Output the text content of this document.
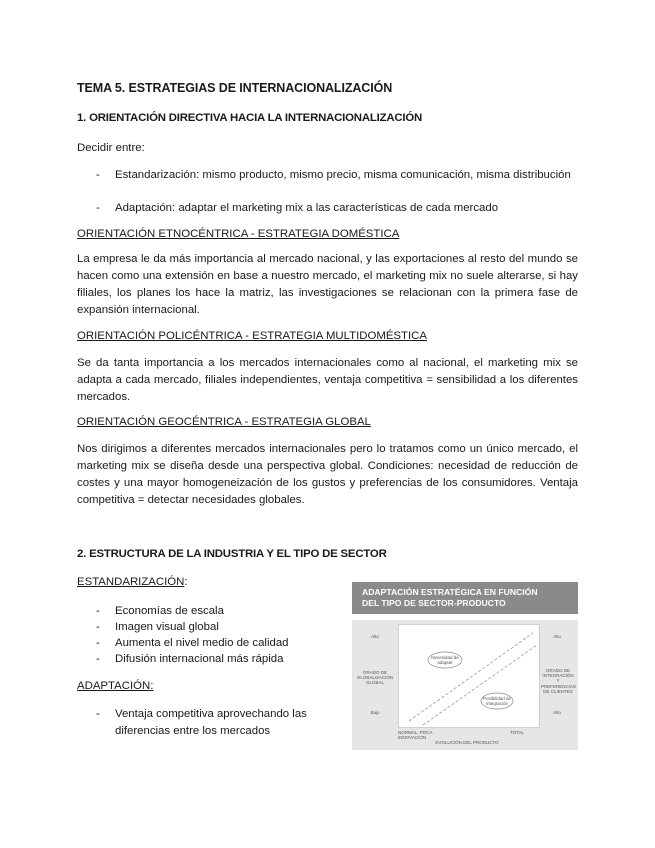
TEMA 5. ESTRATEGIAS DE INTERNACIONALIZACIÓN
1. ORIENTACIÓN DIRECTIVA HACIA LA INTERNACIONALIZACIÓN
Decidir entre:
- Estandarización: mismo producto, mismo precio, misma comunicación, misma distribución
- Adaptación: adaptar el marketing mix a las características de cada mercado
ORIENTACIÓN ETNOCÉNTRICA - ESTRATEGIA DOMÉSTICA
La empresa le da más importancia al mercado nacional, y las exportaciones al resto del mundo se hacen como una extensión en base a nuestro mercado, el marketing mix no suele alterarse, si hay filiales, los planes los hace la matriz, las investigaciones se relacionan con la primera fase de expansión internacional.
ORIENTACIÓN POLICÉNTRICA - ESTRATEGIA MULTIDOMÉSTICA
Se da tanta importancia a los mercados internacionales como al nacional, el marketing mix se adapta a cada mercado, filiales independientes, ventaja competitiva = sensibilidad a los diferentes mercados.
ORIENTACIÓN GEOCÉNTRICA - ESTRATEGIA GLOBAL
Nos dirigimos a diferentes mercados internacionales pero lo tratamos como un único mercado, el marketing mix se diseña desde una perspectiva global. Condiciones: necesidad de reducción de costes y una mayor homogeneización de los gustos y preferencias de los consumidores. Ventaja competitiva = detectar necesidades globales.
2. ESTRUCTURA DE LA INDUSTRIA Y EL TIPO DE SECTOR
ESTANDARIZACIÓN:
- Economías de escala
- Imagen visual global
- Aumenta el nivel medio de calidad
- Difusión internacional más rápida
ADAPTACIÓN:
- Ventaja competitiva aprovechando las diferencias entre los mercados
ADAPTACIÓN ESTRATÉGICA EN FUNCIÓN
DEL TIPO DE SECTOR-PRODUCTO
Necesidad de adaptar
Posibilidad de integración
Alto
GRADO DE GLOBALIZACIÓN GLOBAL
Bajo
Alto
GRADO DE INTEGRACIÓN Y PREFERENCIAS DE CLIENTES
Alto
NORMAL, POCA INNOVACIÓN
TOTAL
EVOLUCIÓN DEL PRODUCTO
